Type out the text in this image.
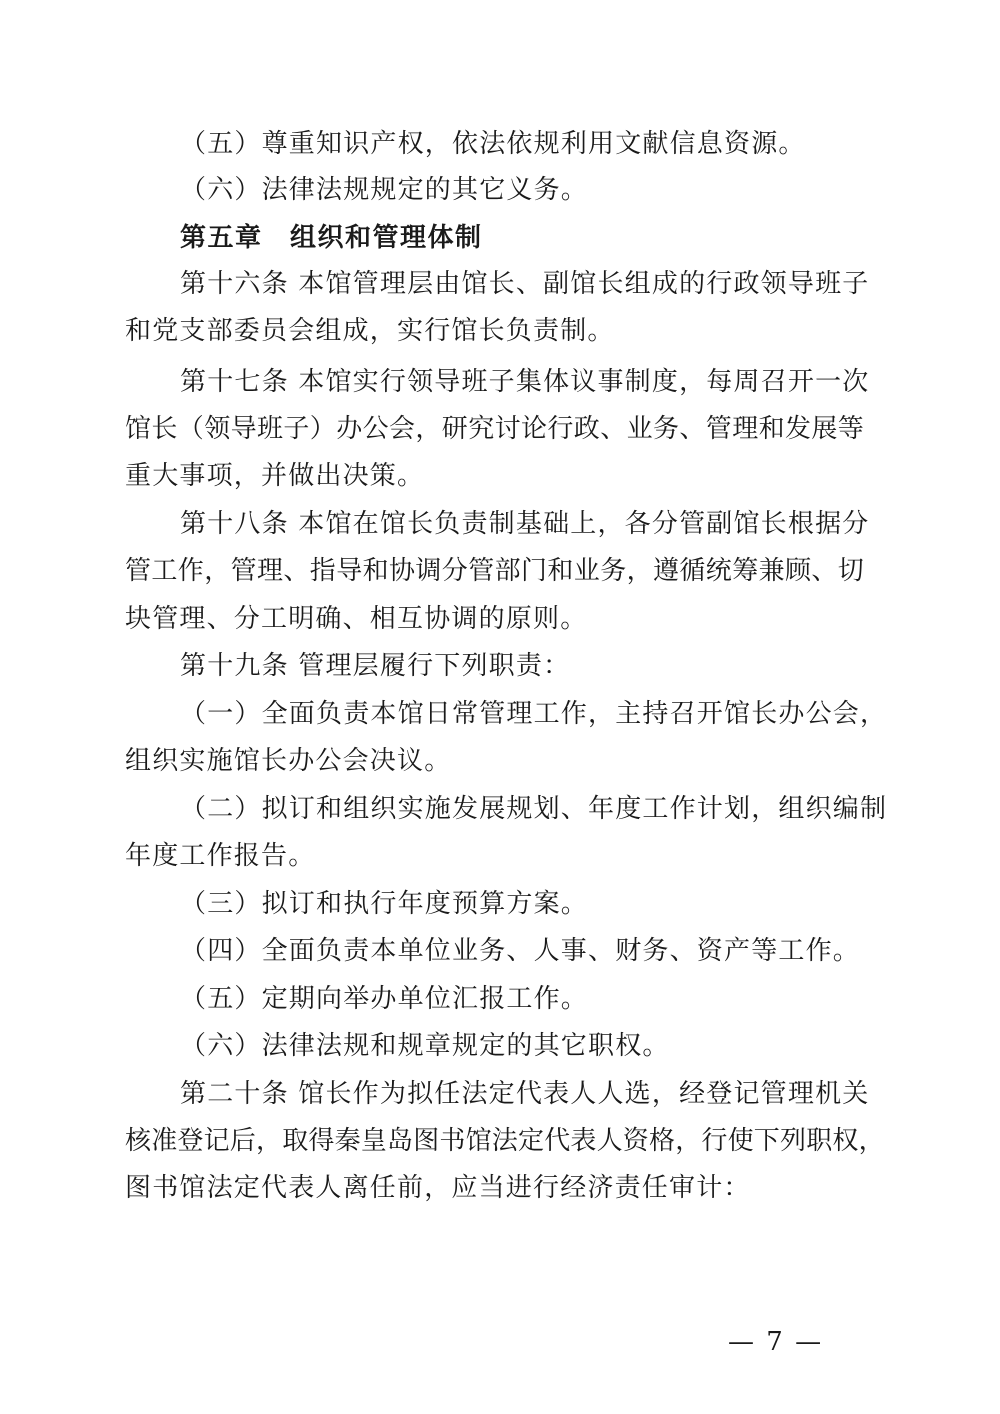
（五）尊重知识产权，依法依规利用文献信息资源。
（六）法律法规规定的其它义务。
第五章　组织和管理体制
第十六条 本馆管理层由馆长、副馆长组成的行政领导班子
和党支部委员会组成，实行馆长负责制。
第十七条 本馆实行领导班子集体议事制度，每周召开一次
馆长（领导班子）办公会，研究讨论行政、业务、管理和发展等
重大事项，并做出决策。
第十八条 本馆在馆长负责制基础上，各分管副馆长根据分
管工作，管理、指导和协调分管部门和业务，遵循统筹兼顾、切
块管理、分工明确、相互协调的原则。
第十九条 管理层履行下列职责：
（一）全面负责本馆日常管理工作，主持召开馆长办公会，
组织实施馆长办公会决议。
（二）拟订和组织实施发展规划、年度工作计划，组织编制
年度工作报告。
（三）拟订和执行年度预算方案。
（四）全面负责本单位业务、人事、财务、资产等工作。
（五）定期向举办单位汇报工作。
（六）法律法规和规章规定的其它职权。
第二十条 馆长作为拟任法定代表人人选，经登记管理机关
核准登记后，取得秦皇岛图书馆法定代表人资格，行使下列职权，
图书馆法定代表人离任前，应当进行经济责任审计：
— 7 —
